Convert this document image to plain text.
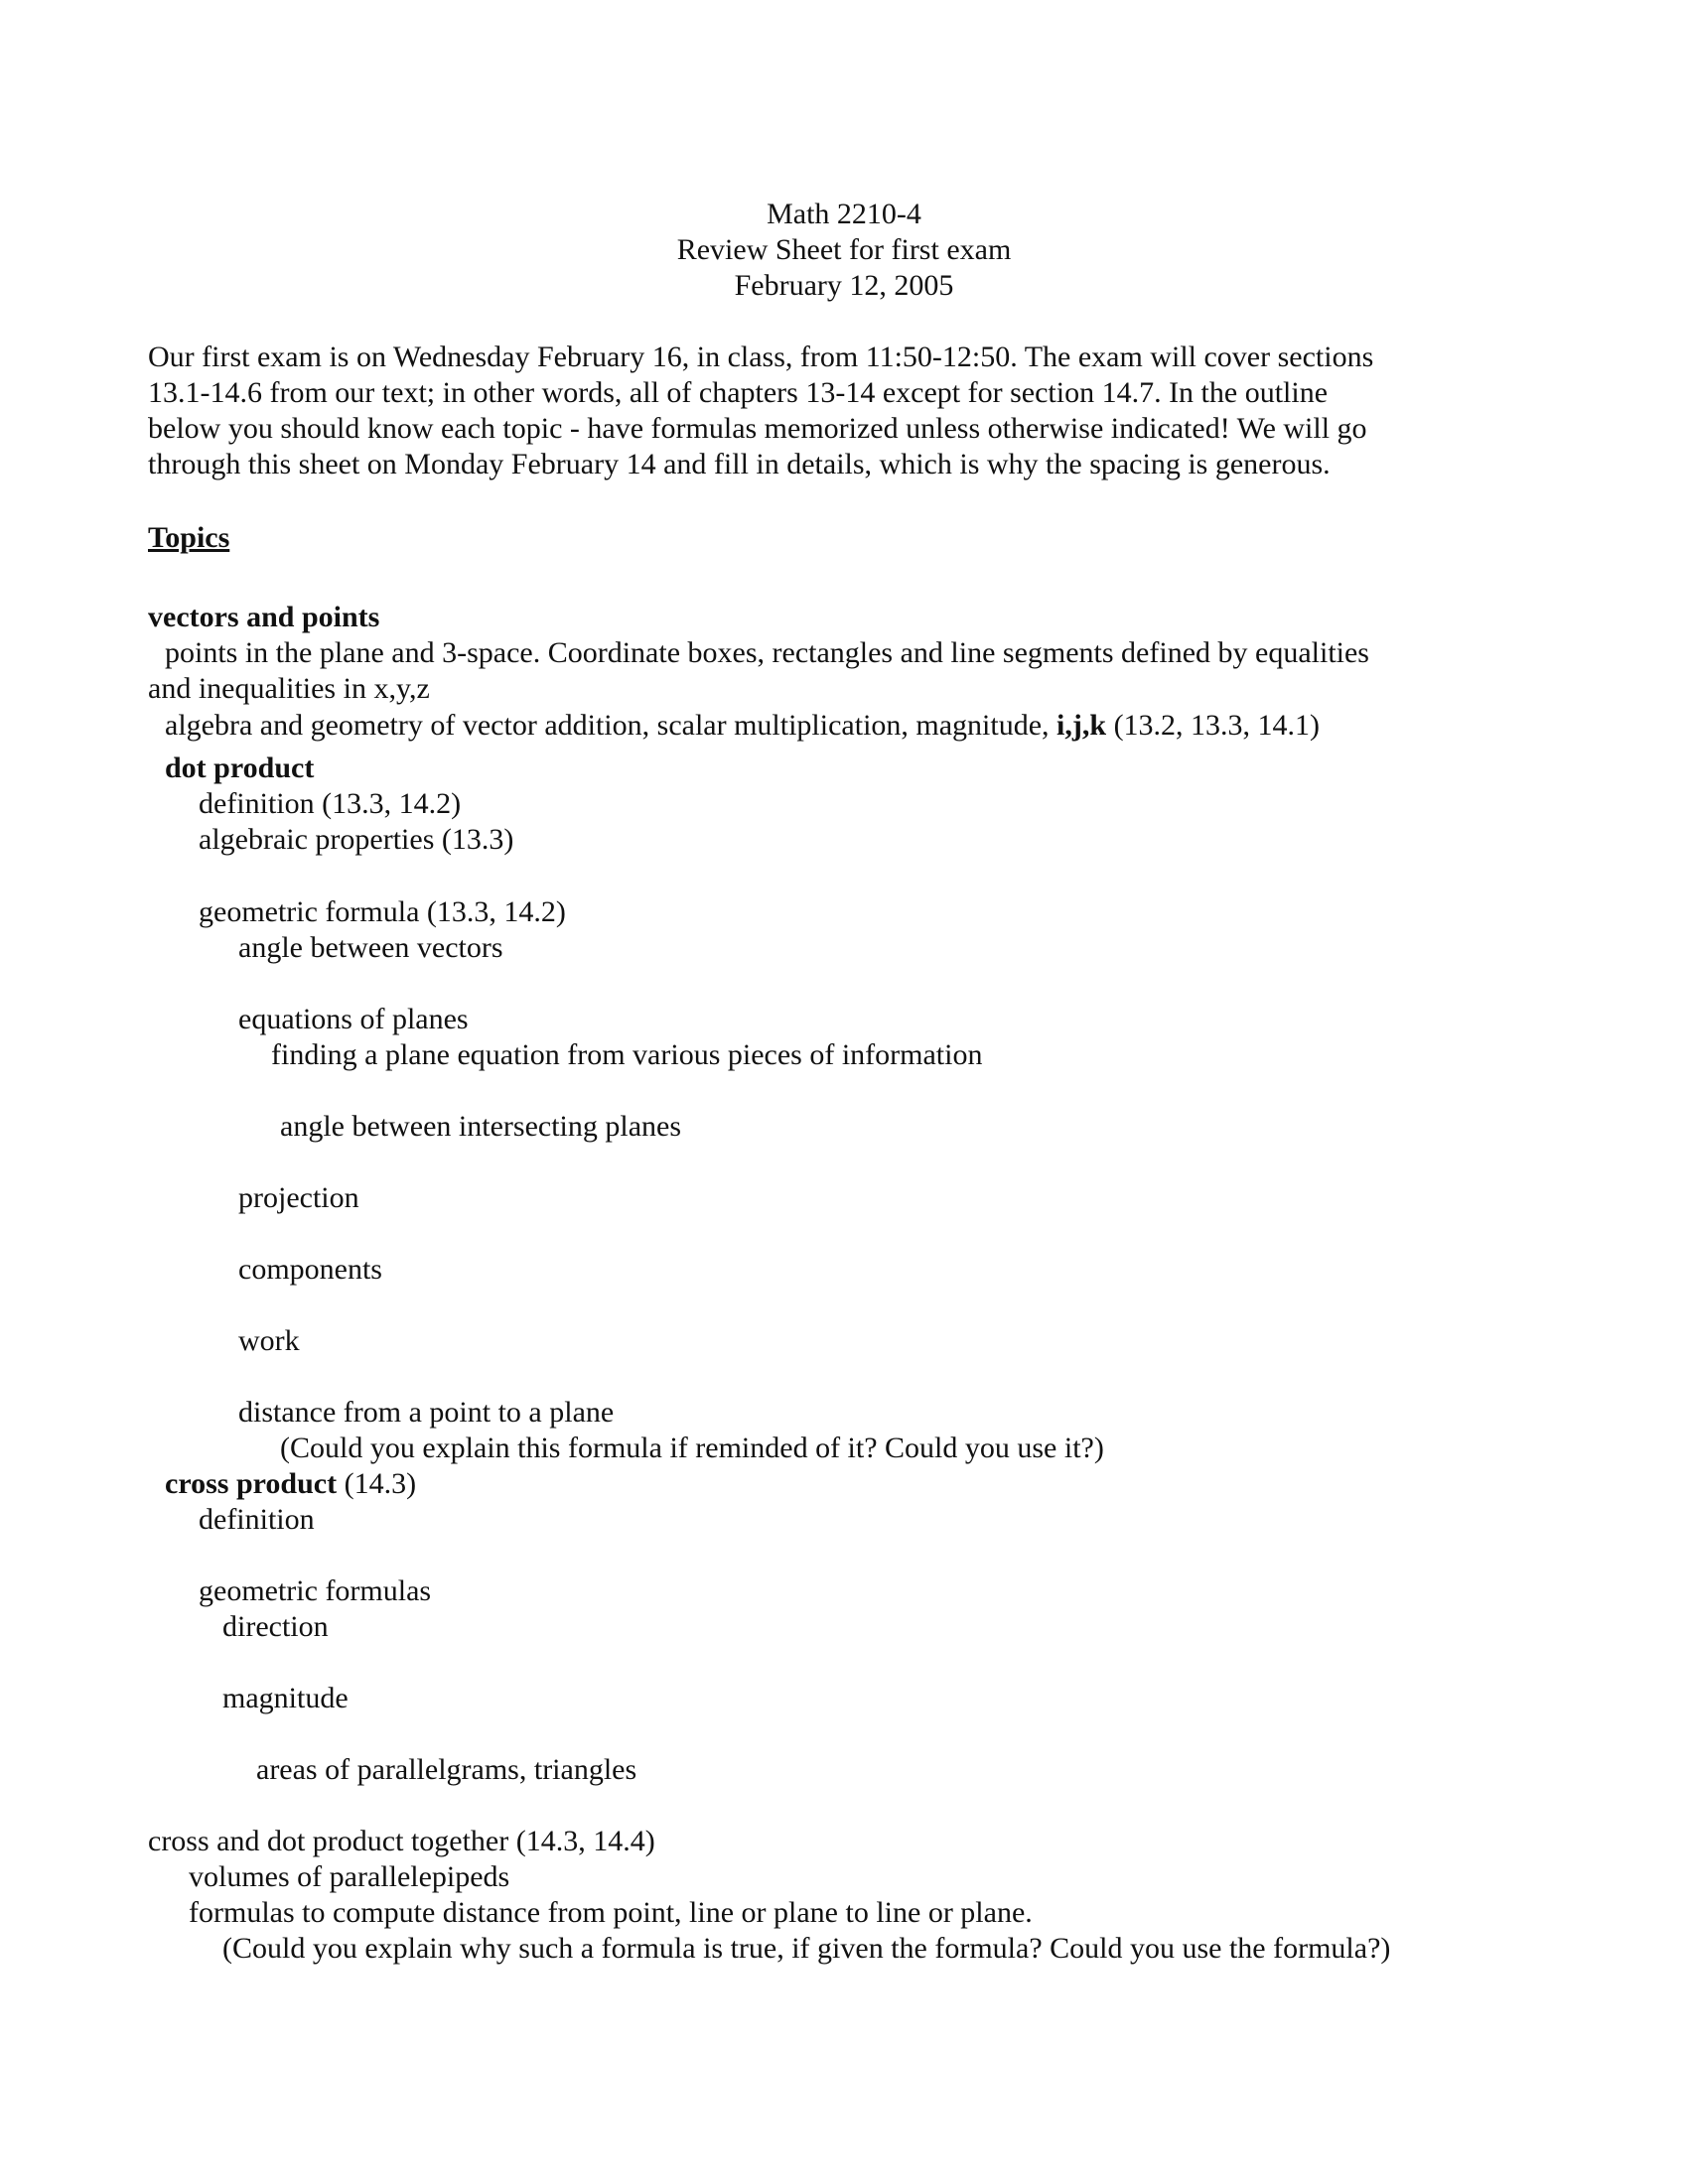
Math 2210-4
Review Sheet for first exam
February 12, 2005
Our first exam is on Wednesday February 16, in class, from 11:50-12:50. The exam will cover sections
13.1-14.6 from our text; in other words, all of chapters 13-14 except for section 14.7. In the outline
below you should know each topic - have formulas memorized unless otherwise indicated! We will go
through this sheet on Monday February 14 and fill in details, which is why the spacing is generous.
Topics
vectors and points
points in the plane and 3-space. Coordinate boxes, rectangles and line segments defined by equalities
and inequalities in x,y,z
algebra and geometry of vector addition, scalar multiplication, magnitude, i,j,k (13.2, 13.3, 14.1)
dot product
definition (13.3, 14.2)
algebraic properties (13.3)
geometric formula (13.3, 14.2)
angle between vectors
equations of planes
finding a plane equation from various pieces of information
angle between intersecting planes
projection
components
work
distance from a point to a plane
(Could you explain this formula if reminded of it? Could you use it?)
cross product (14.3)
definition
geometric formulas
direction
magnitude
areas of parallelgrams, triangles
cross and dot product together (14.3, 14.4)
volumes of parallelepipeds
formulas to compute distance from point, line or plane to line or plane.
(Could you explain why such a formula is true, if given the formula? Could you use the formula?)
